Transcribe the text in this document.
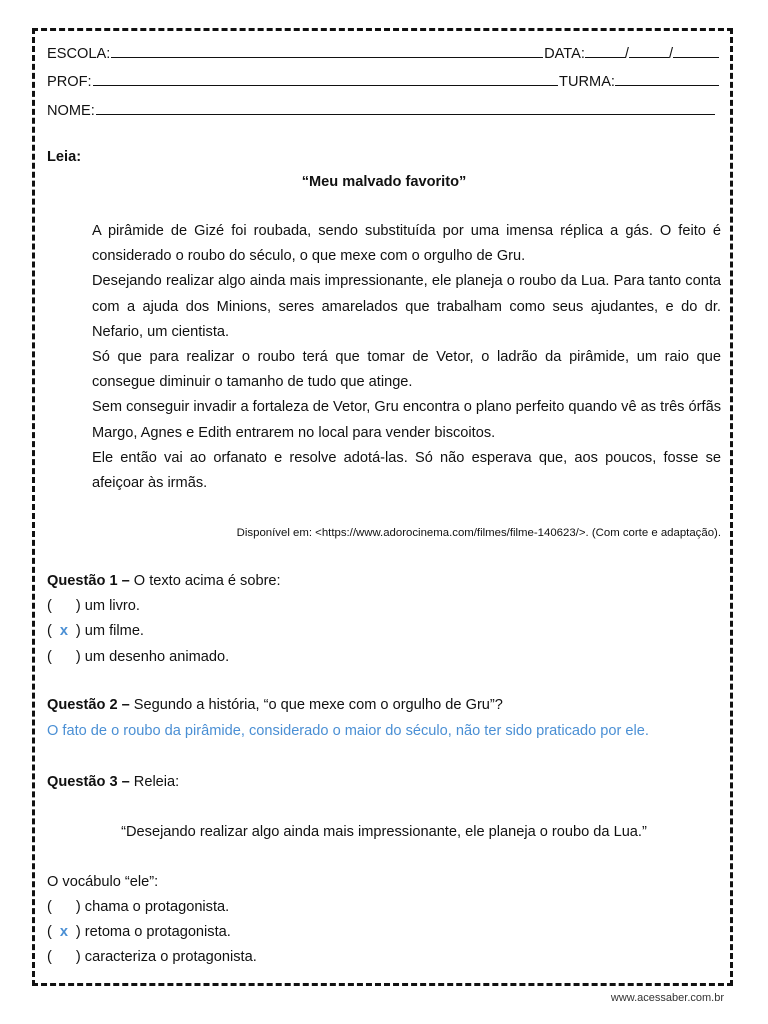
ESCOLA:	DATA:	/	/
PROF:	TURMA:
NOME:
Leia:
“Meu malvado favorito”
A pirâmide de Gizé foi roubada, sendo substituída por uma imensa réplica a gás. O feito é considerado o roubo do século, o que mexe com o orgulho de Gru.
Desejando realizar algo ainda mais impressionante, ele planeja o roubo da Lua. Para tanto conta com a ajuda dos Minions, seres amarelados que trabalham como seus ajudantes, e do dr. Nefario, um cientista.
Só que para realizar o roubo terá que tomar de Vetor, o ladrão da pirâmide, um raio que consegue diminuir o tamanho de tudo que atinge.
Sem conseguir invadir a fortaleza de Vetor, Gru encontra o plano perfeito quando vê as três órfãs Margo, Agnes e Edith entrarem no local para vender biscoitos.
Ele então vai ao orfanato e resolve adotá-las. Só não esperava que, aos poucos, fosse se afeiçoar às irmãs.
Disponível em: <https://www.adorocinema.com/filmes/filme-140623/>. (Com corte e adaptação).
Questão 1 – O texto acima é sobre:
( ) um livro.
( x ) um filme.
( ) um desenho animado.
Questão 2 – Segundo a história, “o que mexe com o orgulho de Gru”?
O fato de o roubo da pirâmide, considerado o maior do século, não ter sido praticado por ele.
Questão 3 – Releia:
“Desejando realizar algo ainda mais impressionante, ele planeja o roubo da Lua.”
O vocábulo “ele”:
( ) chama o protagonista.
( x ) retoma o protagonista.
( ) caracteriza o protagonista.
www.acessaber.com.br
